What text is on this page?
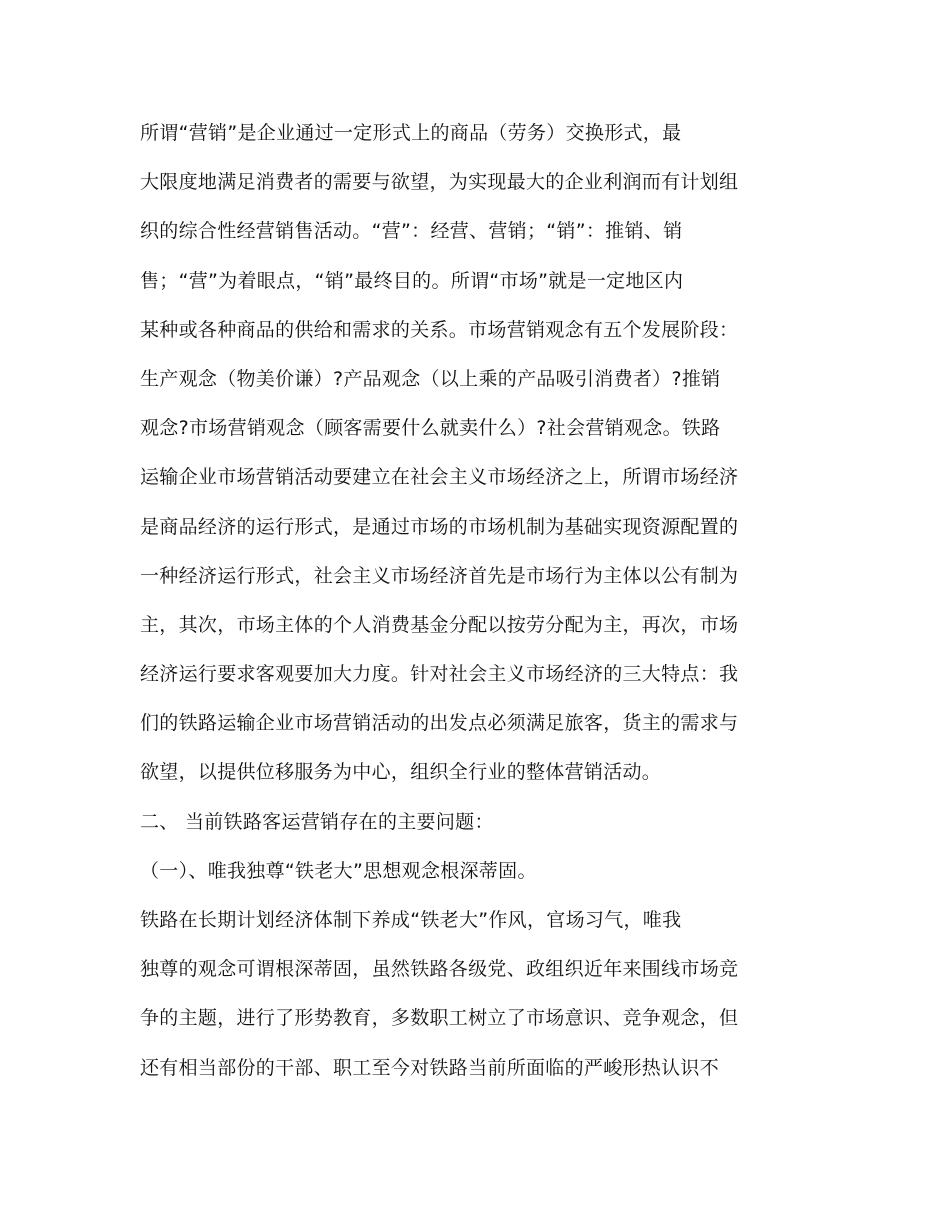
所谓“营销”是企业通过一定形式上的商品（劳务）交换形式，最
大限度地满足消费者的需要与欲望，为实现最大的企业利润而有计划组
织的综合性经营销售活动。“营”：经营、营销；“销”：推销、销
售；“营”为着眼点，“销”最终目的。所谓“市场”就是一定地区内
某种或各种商品的供给和需求的关系。市场营销观念有五个发展阶段：
生产观念（物美价谦）?产品观念（以上乘的产品吸引消费者）?推销
观念?市场营销观念（顾客需要什么就卖什么）?社会营销观念。铁路
运输企业市场营销活动要建立在社会主义市场经济之上，所谓市场经济
是商品经济的运行形式，是通过市场的市场机制为基础实现资源配置的
一种经济运行形式，社会主义市场经济首先是市场行为主体以公有制为
主，其次，市场主体的个人消费基金分配以按劳分配为主，再次，市场
经济运行要求客观要加大力度。针对社会主义市场经济的三大特点：我
们的铁路运输企业市场营销活动的出发点必须满足旅客，货主的需求与
欲望，以提供位移服务为中心，组织全行业的整体营销活动。
二、 当前铁路客运营销存在的主要问题：
（一）、唯我独尊“铁老大”思想观念根深蒂固。
铁路在长期计划经济体制下养成“铁老大”作风，官场习气，唯我
独尊的观念可谓根深蒂固，虽然铁路各级党、政组织近年来围线市场竞
争的主题，进行了形势教育，多数职工树立了市场意识、竞争观念，但
还有相当部份的干部、职工至今对铁路当前所面临的严峻形热认识不
